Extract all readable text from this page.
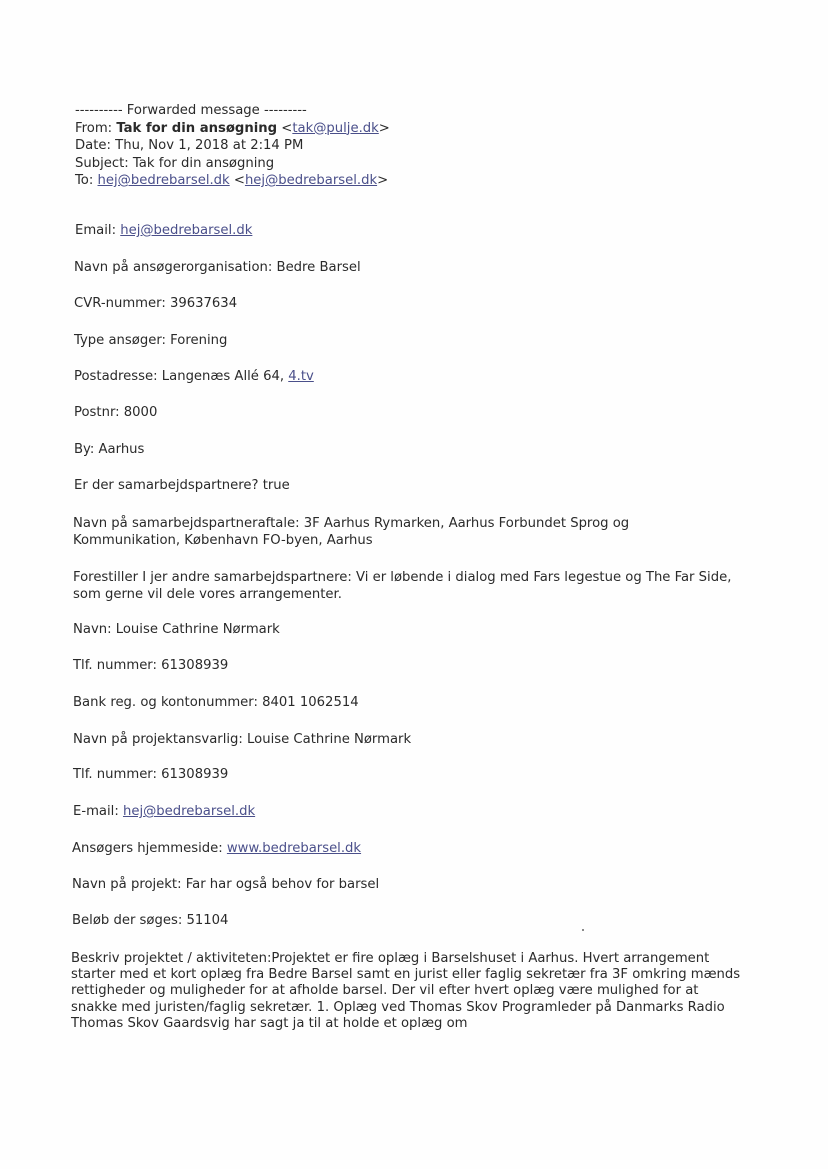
---------- Forwarded message ---------
From: Tak for din ansøgning <tak@pulje.dk>
Date: Thu, Nov 1, 2018 at 2:14 PM
Subject: Tak for din ansøgning
To: hej@bedrebarsel.dk <hej@bedrebarsel.dk>
Email: hej@bedrebarsel.dk
Navn på ansøgerorganisation: Bedre Barsel
CVR-nummer: 39637634
Type ansøger: Forening
Postadresse: Langenæs Allé 64, 4.tv
Postnr: 8000
By: Aarhus
Er der samarbejdspartnere? true
Navn på samarbejdspartneraftale: 3F Aarhus Rymarken, Aarhus Forbundet Sprog og Kommunikation, København FO-byen, Aarhus
Forestiller I jer andre samarbejdspartnere: Vi er løbende i dialog med Fars legestue og The Far Side, som gerne vil dele vores arrangementer.
Navn: Louise Cathrine Nørmark
Tlf. nummer: 61308939
Bank reg. og kontonummer: 8401 1062514
Navn på projektansvarlig: Louise Cathrine Nørmark
Tlf. nummer: 61308939
E-mail: hej@bedrebarsel.dk
Ansøgers hjemmeside: www.bedrebarsel.dk
Navn på projekt: Far har også behov for barsel
Beløb der søges: 51104
Beskriv projektet / aktiviteten:Projektet er fire oplæg i Barselshuset i Aarhus. Hvert arrangement starter med et kort oplæg fra Bedre Barsel samt en jurist eller faglig sekretær fra 3F omkring mænds rettigheder og muligheder for at afholde barsel. Der vil efter hvert oplæg være mulighed for at snakke med juristen/faglig sekretær. 1. Oplæg ved Thomas Skov Programleder på Danmarks Radio Thomas Skov Gaardsvig har sagt ja til at holde et oplæg om
